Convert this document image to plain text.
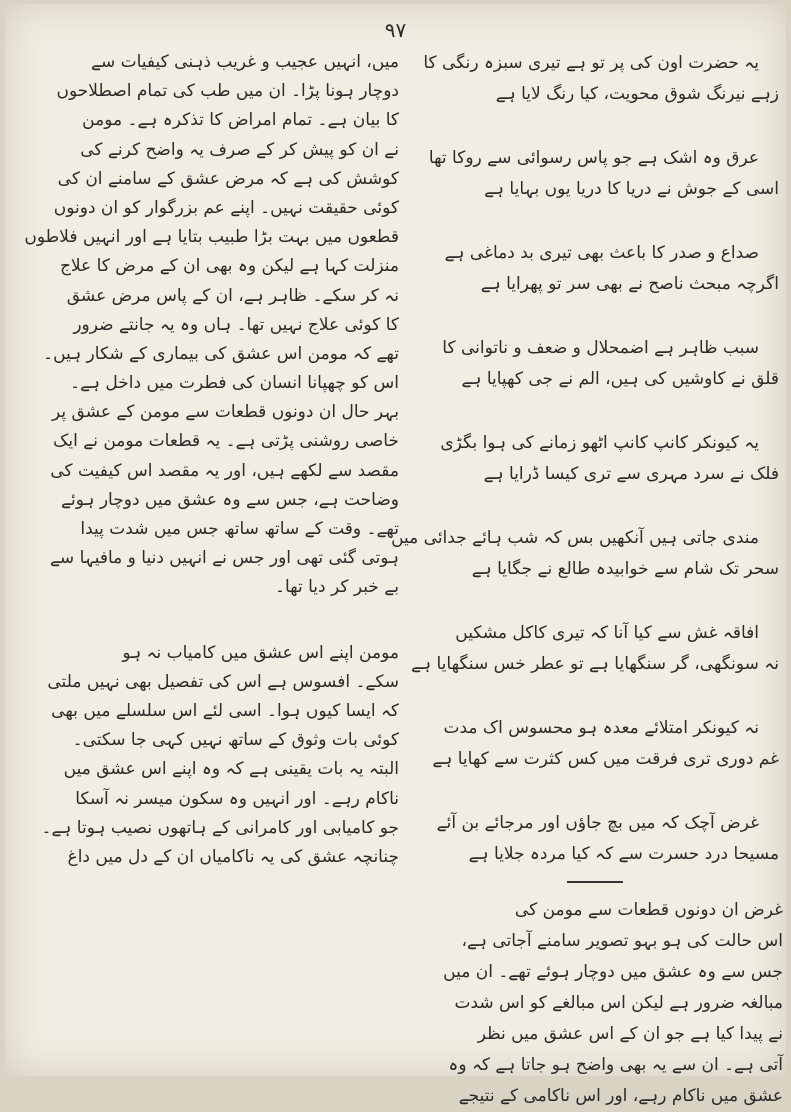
۹۷
یہ حضرت اون کی پر تو ہے تیری سبزہ رنگی کا
زہے نیرنگ شوق محویت، کیا رنگ لایا ہے
عرق وہ اشک ہے جو پاس رسوائی سے روکا تھا
اسی کے جوش نے دریا کا دریا یوں بہایا ہے
صداع و صدر کا باعث بھی تیری بد دماغی ہے
اگرچہ مبحث ناصح نے بھی سر تو پھرایا ہے
سبب ظاہر ہے اضمحلال و ضعف و ناتوانی کا
قلق نے کاوشیں کی ہیں، الم نے جی کھپایا ہے
یہ کیونکر کانپ کانپ اٹھو زمانے کی ہوا بگڑی
فلک نے سرد مہری سے تری کیسا ڈرایا ہے
مندی جاتی ہیں آنکھیں بس کہ شب ہائے جدائی میں
سحر تک شام سے خوابیدہ طالع نے جگایا ہے
افاقہ غش سے کیا آنا کہ تیری کاکل مشکیں
نہ سونگھی، گر سنگھایا ہے تو عطر خس سنگھایا ہے
نہ کیونکر امتلائے معدہ ہو محسوس اک مدت
غم دوری تری فرقت میں کس کثرت سے کھایا ہے
غرض آچک کہ میں بچ جاؤں اور مرجائے بن آئے
مسیحا درد حسرت سے کہ کیا مردہ جلایا ہے
غرض ان دونوں قطعات سے مومن کی
اس حالت کی ہو بہو تصویر سامنے آجاتی ہے،
جس سے وہ عشق میں دوچار ہوئے تھے۔ ان میں
مبالغہ ضرور ہے لیکن اس مبالغے کو اس شدت
نے پیدا کیا ہے جو ان کے اس عشق میں نظر
آتی ہے۔ ان سے یہ بھی واضح ہو جاتا ہے کہ وہ
عشق میں ناکام رہے، اور اس ناکامی کے نتیجے
میں، انہیں عجیب و غریب ذہنی کیفیات سے
دوچار ہونا پڑا۔ ان میں طب کی تمام اصطلاحوں
کا بیان ہے۔ تمام امراض کا تذکرہ ہے۔ مومن
نے ان کو پیش کر کے صرف یہ واضح کرنے کی
کوشش کی ہے کہ مرض عشق کے سامنے ان کی
کوئی حقیقت نہیں۔ اپنے عم بزرگوار کو ان دونوں
قطعوں میں بہت بڑا طبیب بتایا ہے اور انہیں فلاطوں
منزلت کہا ہے لیکن وہ بھی ان کے مرض کا علاج
نہ کر سکے۔ ظاہر ہے، ان کے پاس مرض عشق
کا کوئی علاج نہیں تھا۔ ہاں وہ یہ جانتے ضرور
تھے کہ مومن اس عشق کی بیماری کے شکار ہیں۔
اس کو چھپانا انسان کی فطرت میں داخل ہے۔
بہر حال ان دونوں قطعات سے مومن کے عشق پر
خاصی روشنی پڑتی ہے۔ یہ قطعات مومن نے ایک
مقصد سے لکھے ہیں، اور یہ مقصد اس کیفیت کی
وضاحت ہے، جس سے وہ عشق میں دوچار ہوئے
تھے۔ وقت کے ساتھ ساتھ جس میں شدت پیدا
ہوتی گئی تھی اور جس نے انہیں دنیا و مافیہا سے
بے خبر کر دیا تھا۔
مومن اپنے اس عشق میں کامیاب نہ ہو
سکے۔ افسوس ہے اس کی تفصیل بھی نہیں ملتی
کہ ایسا کیوں ہوا۔ اسی لئے اس سلسلے میں بھی
کوئی بات وثوق کے ساتھ نہیں کہی جا سکتی۔
البتہ یہ بات یقینی ہے کہ وہ اپنے اس عشق میں
ناکام رہے۔ اور انہیں وہ سکون میسر نہ آسکا
جو کامیابی اور کامرانی کے ہاتھوں نصیب ہوتا ہے۔
چنانچہ عشق کی یہ ناکامیاں ان کے دل میں داغ
